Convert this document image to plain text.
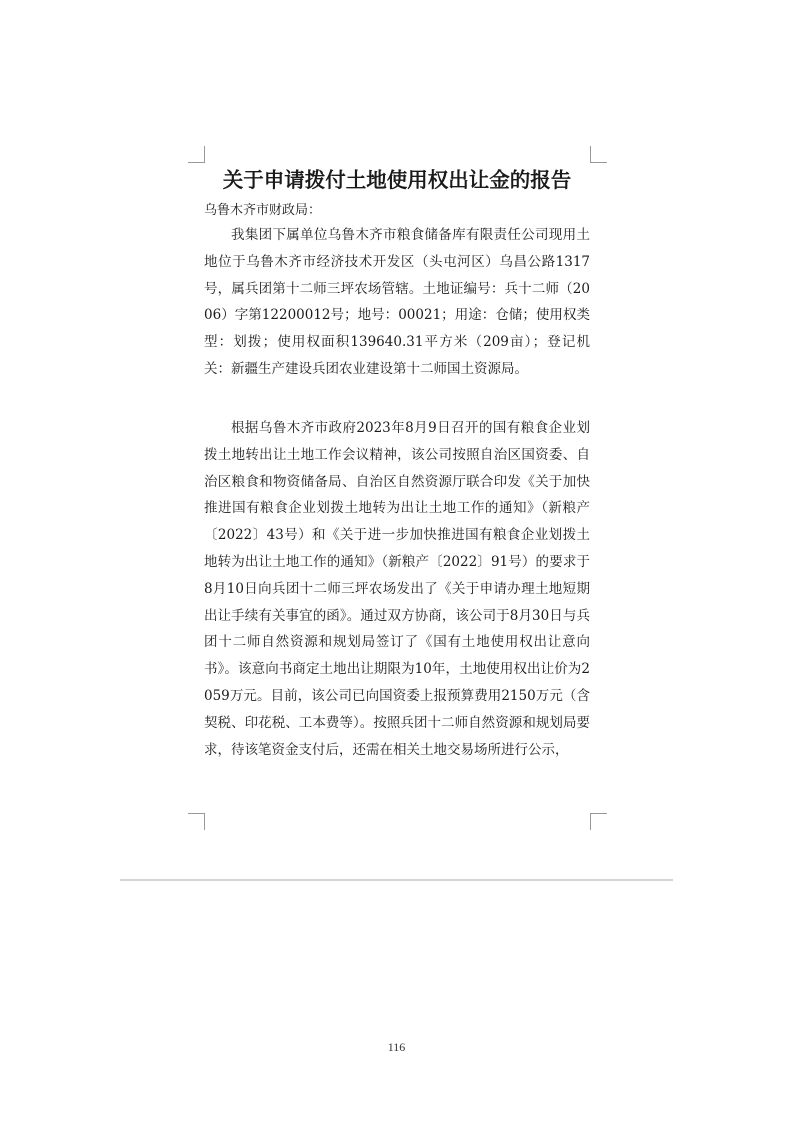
关于申请拨付土地使用权出让金的报告

乌鲁木齐市财政局：

我集团下属单位乌鲁木齐市粮食储备库有限责任公司现用土地位于乌鲁木齐市经济技术开发区（头屯河区）乌昌公路1317号，属兵团第十二师三坪农场管辖。土地证编号：兵十二师（2006）字第12200012号；地号：00021；用途：仓储；使用权类型：划拨；使用权面积139640.31平方米（209亩）；登记机关：新疆生产建设兵团农业建设第十二师国土资源局。

根据乌鲁木齐市政府2023年8月9日召开的国有粮食企业划拨土地转出让土地工作会议精神，该公司按照自治区国资委、自治区粮食和物资储备局、自治区自然资源厅联合印发《关于加快推进国有粮食企业划拨土地转为出让土地工作的通知》（新粮产〔2022〕43号）和《关于进一步加快推进国有粮食企业划拨土地转为出让土地工作的通知》（新粮产〔2022〕91号）的要求于8月10日向兵团十二师三坪农场发出了《关于申请办理土地短期出让手续有关事宜的函》。通过双方协商，该公司于8月30日与兵团十二师自然资源和规划局签订了《国有土地使用权出让意向书》。该意向书商定土地出让期限为10年，土地使用权出让价为2059万元。目前，该公司已向国资委上报预算费用2150万元（含契税、印花税、工本费等）。按照兵团十二师自然资源和规划局要求，待该笔资金支付后，还需在相关土地交易场所进行公示，

116
